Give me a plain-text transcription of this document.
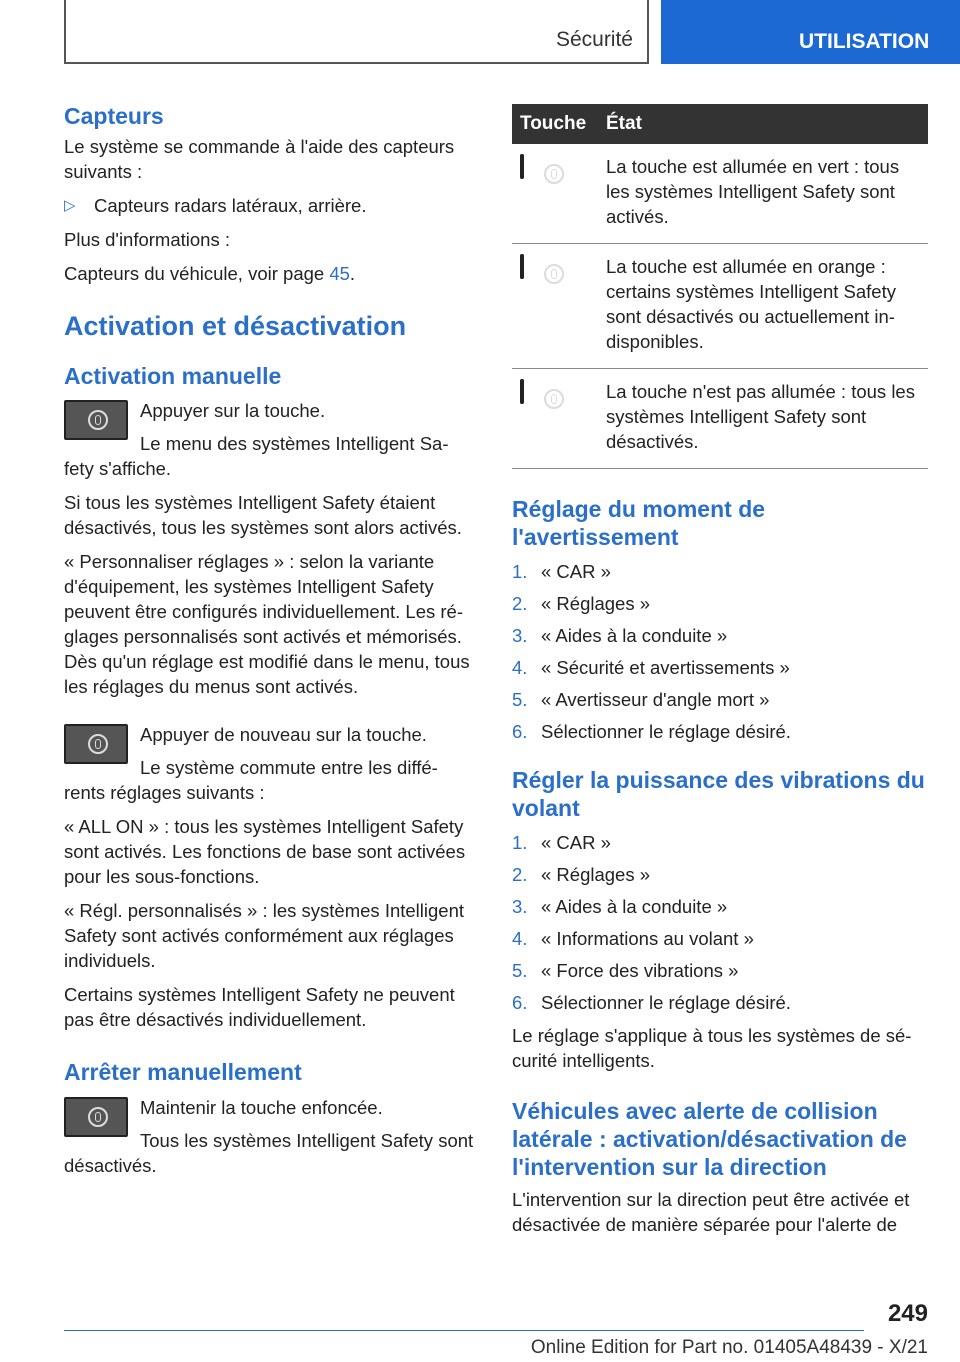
Sécurité	UTILISATION
Capteurs

Le système se commande à l'aide des capteurs suivants :

▷ Capteurs radars latéraux, arrière.

Plus d'informations :

Capteurs du véhicule, voir page 45.

Activation et désactivation
Activation manuelle

Appuyer sur la touche.

Le menu des systèmes Intelligent Sa- fety s'affiche.

Si tous les systèmes Intelligent Safety étaient désactivés, tous les systèmes sont alors activés.

« Personnaliser réglages » : selon la variante d'équipement, les systèmes Intelligent Safety peuvent être configurés individuellement. Les ré- glages personnalisés sont activés et mémorisés. Dès qu'un réglage est modifié dans le menu, tous les réglages du menus sont activés.

Appuyer de nouveau sur la touche.

Le système commute entre les diffé- rents réglages suivants :

« ALL ON » : tous les systèmes Intelligent Safety sont activés. Les fonctions de base sont activées pour les sous-fonctions.

« Régl. personnalisés » : les systèmes Intelligent Safety sont activés conformément aux réglages individuels.

Certains systèmes Intelligent Safety ne peuvent pas être désactivés individuellement.

Arrêter manuellement

Maintenir la touche enfoncée.

Tous les systèmes Intelligent Safety sont désactivés.

Touche	État

	La touche est allumée en vert : tous les systèmes Intelligent Safety sont activés.

	La touche est allumée en orange : certains systèmes Intelligent Safety sont désactivés ou actuellement in- disponibles.

	La touche n'est pas allumée : tous les systèmes Intelligent Safety sont désactivés.
Réglage du moment de l'avertissement
1. « CAR »
2. « Réglages »
3. « Aides à la conduite »
4. « Sécurité et avertissements »
5. « Avertisseur d'angle mort »
6. Sélectionner le réglage désiré.
Régler la puissance des vibrations du volant
1. « CAR »
2. « Réglages »
3. « Aides à la conduite »
4. « Informations au volant »
5. « Force des vibrations »
6. Sélectionner le réglage désiré.

Le réglage s'applique à tous les systèmes de sé- curité intelligents.

Véhicules avec alerte de collision latérale : activation/désactivation de l'intervention sur la direction

L'intervention sur la direction peut être activée et désactivée de manière séparée pour l'alerte de

249
Online Edition for Part no. 01405A48439 - X/21
